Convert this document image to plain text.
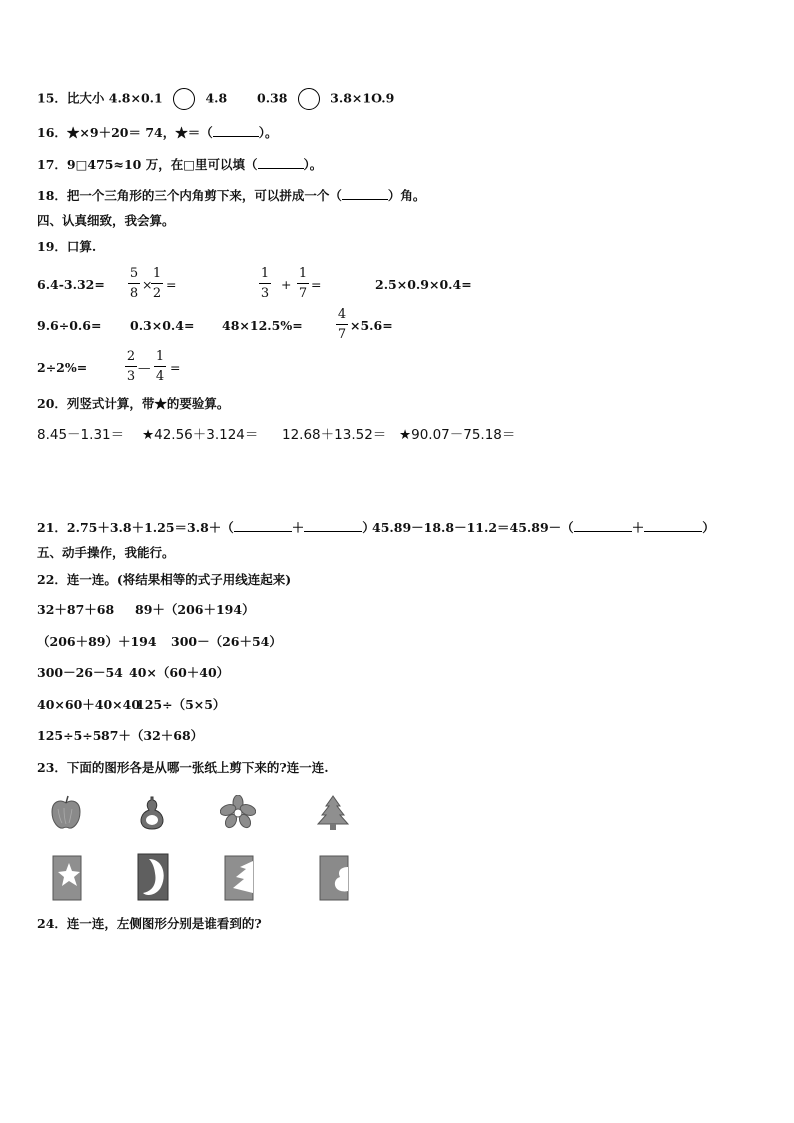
15．比大小 4.8×0.1	4.8 0.38	3.8×1O.9
16．★×9＋20＝ 74，★＝（	）。
17．9□475≈10 万，在□里可以填（	）。
18．把一个三角形的三个内角剪下来，可以拼成一个（	）角。
四、认真细致，我会算。
19．口算.
6.4-3.32=
5
8
×
1
2
=
1
3
+
1
7
=	2.5×0.9×0.4=
9.6÷0.6= 0.3×0.4= 48×12.5%=
4
7
×5.6=
2÷2%=
2
3
—
1
4
=
20．列竖式计算，带★的要验算。
8.45－1.31＝ ★42.56＋3.124＝ 12.68＋13.52＝ ★90.07－75.18＝
21．2.75＋3.8＋1.25＝3.8＋（	＋	）
45.89－18.8－11.2＝45.89－（	＋	）
五、动手操作，我能行。
22．连一连。(将结果相等的式子用线连起来)
32＋87＋68 89＋（206＋194）
（206＋89）＋194 300－（26＋54）
300－26－54 40×（60＋40）
40×60＋40×40
125÷（5×5）
125÷5÷5 87＋（32＋68）
23．下面的图形各是从哪一张纸上剪下来的?连一连.
24．连一连，左侧图形分别是谁看到的?
